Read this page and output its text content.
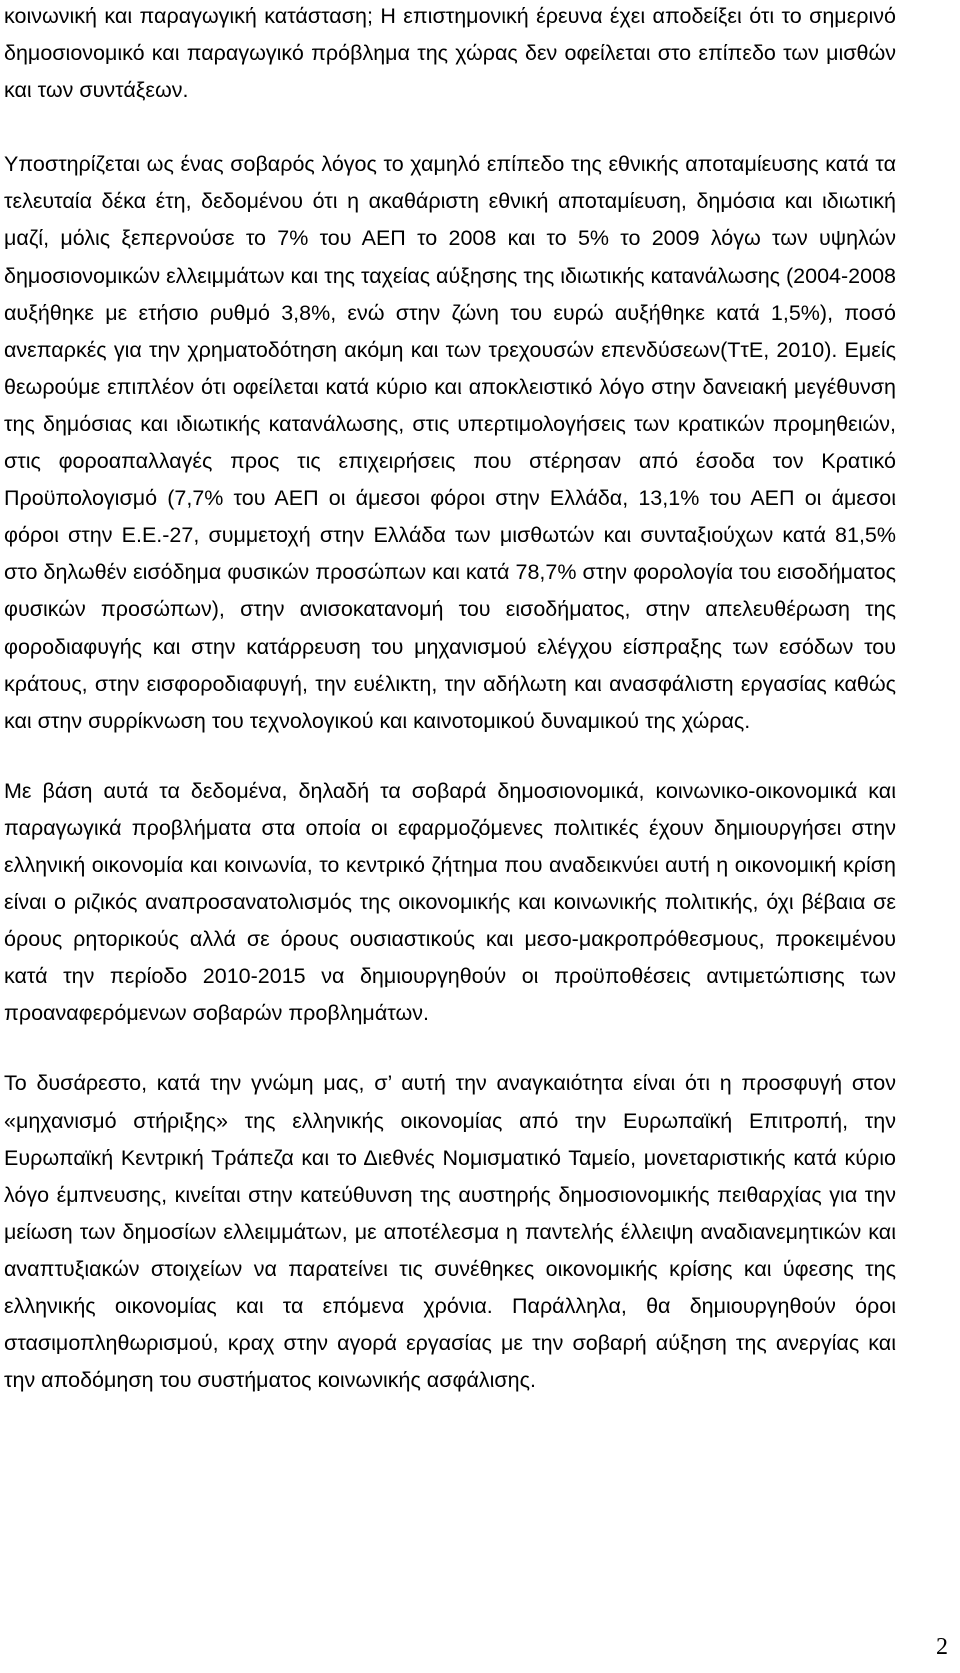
κοινωνική και παραγωγική κατάσταση; Η επιστημονική έρευνα έχει αποδείξει ότι το σημερινό δημοσιονομικό και παραγωγικό πρόβλημα της χώρας δεν οφείλεται στο επίπεδο των μισθών και των συντάξεων.

Υποστηρίζεται ως ένας σοβαρός λόγος το χαμηλό επίπεδο της εθνικής αποταμίευσης κατά τα τελευταία δέκα έτη, δεδομένου ότι η ακαθάριστη εθνική αποταμίευση, δημόσια και ιδιωτική μαζί, μόλις ξεπερνούσε το 7% του ΑΕΠ το 2008 και το 5% το 2009 λόγω των υψηλών δημοσιονομικών ελλειμμάτων και της ταχείας αύξησης της ιδιωτικής κατανάλωσης (2004-2008 αυξήθηκε με ετήσιο ρυθμό 3,8%, ενώ στην ζώνη του ευρώ αυξήθηκε κατά 1,5%), ποσό ανεπαρκές για την χρηματοδότηση ακόμη και των τρεχουσών επενδύσεων(ΤτΕ, 2010). Εμείς θεωρούμε επιπλέον ότι οφείλεται κατά κύριο και αποκλειστικό λόγο στην δανειακή μεγέθυνση της δημόσιας και ιδιωτικής κατανάλωσης, στις υπερτιμολογήσεις των κρατικών προμηθειών, στις φοροαπαλλαγές προς τις επιχειρήσεις που στέρησαν από έσοδα τον Κρατικό Προϋπολογισμό (7,7% του ΑΕΠ οι άμεσοι φόροι στην Ελλάδα, 13,1% του ΑΕΠ οι άμεσοι φόροι στην Ε.Ε.-27, συμμετοχή στην Ελλάδα των μισθωτών και συνταξιούχων κατά 81,5% στο δηλωθέν εισόδημα φυσικών προσώπων και κατά 78,7% στην φορολογία του εισοδήματος φυσικών προσώπων), στην ανισοκατανομή του εισοδήματος, στην απελευθέρωση της φοροδιαφυγής και στην κατάρρευση του μηχανισμού ελέγχου είσπραξης των εσόδων του κράτους, στην εισφοροδιαφυγή, την ευέλικτη, την αδήλωτη και ανασφάλιστη εργασίας καθώς και στην συρρίκνωση του τεχνολογικού και καινοτομικού δυναμικού της χώρας.

Με βάση αυτά τα δεδομένα, δηλαδή τα σοβαρά δημοσιονομικά, κοινωνικο-οικονομικά και παραγωγικά προβλήματα στα οποία οι εφαρμοζόμενες πολιτικές έχουν δημιουργήσει στην ελληνική οικονομία και κοινωνία, το κεντρικό ζήτημα που αναδεικνύει αυτή η οικονομική κρίση είναι ο ριζικός αναπροσανατολισμός της οικονομικής και κοινωνικής πολιτικής, όχι βέβαια σε όρους ρητορικούς αλλά σε όρους ουσιαστικούς και μεσο-μακροπρόθεσμους, προκειμένου κατά την περίοδο 2010-2015 να δημιουργηθούν οι προϋποθέσεις αντιμετώπισης των προαναφερόμενων σοβαρών προβλημάτων.

Το δυσάρεστο, κατά την γνώμη μας, σ’ αυτή την αναγκαιότητα είναι ότι η προσφυγή στον «μηχανισμό στήριξης» της ελληνικής οικονομίας από την Ευρωπαϊκή Επιτροπή, την Ευρωπαϊκή Κεντρική Τράπεζα και το Διεθνές Νομισματικό Ταμείο, μονεταριστικής κατά κύριο λόγο έμπνευσης, κινείται στην κατεύθυνση της αυστηρής δημοσιονομικής πειθαρχίας για την μείωση των δημοσίων ελλειμμάτων, με αποτέλεσμα η παντελής έλλειψη αναδιανεμητικών και αναπτυξιακών στοιχείων να παρατείνει τις συνέθηκες οικονομικής κρίσης και ύφεσης της ελληνικής οικονομίας και τα επόμενα χρόνια. Παράλληλα, θα δημιουργηθούν όροι στασιμοπληθωρισμού, κραχ στην αγορά εργασίας με την σοβαρή αύξηση της ανεργίας και την αποδόμηση του συστήματος κοινωνικής ασφάλισης.

2
